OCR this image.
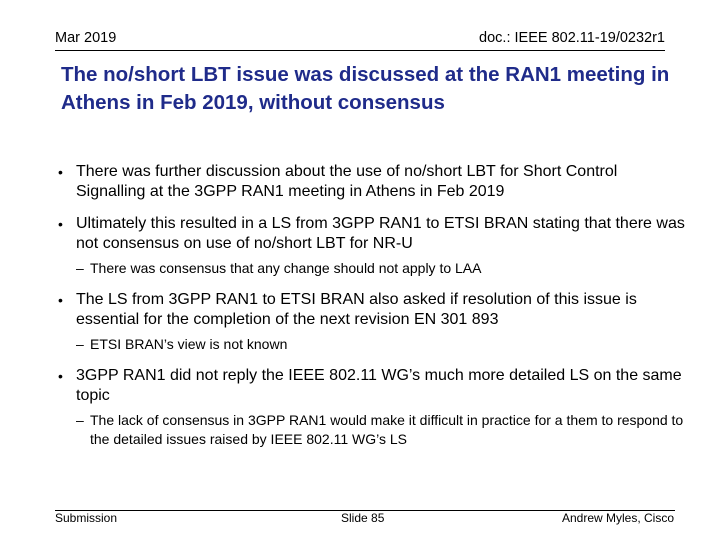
Mar 2019	doc.: IEEE 802.11-19/0232r1
The no/short LBT issue was discussed at the RAN1 meeting in Athens in Feb 2019, without consensus
• There was further discussion about the use of no/short LBT for Short Control Signalling at the 3GPP RAN1 meeting in Athens in Feb 2019
• Ultimately this resulted in a LS from 3GPP RAN1 to ETSI BRAN stating that there was not consensus on use of no/short LBT for NR-U
– There was consensus that any change should not apply to LAA
• The LS from 3GPP RAN1 to ETSI BRAN also asked if resolution of this issue is essential for the completion of the next revision EN 301 893
– ETSI BRAN’s view is not known
• 3GPP RAN1 did not reply the IEEE 802.11 WG’s much more detailed LS on the same topic
– The lack of consensus in 3GPP RAN1 would make it difficult in practice for a them to respond to the detailed issues raised by IEEE 802.11 WG’s LS
Submission	Slide 85	Andrew Myles, Cisco
